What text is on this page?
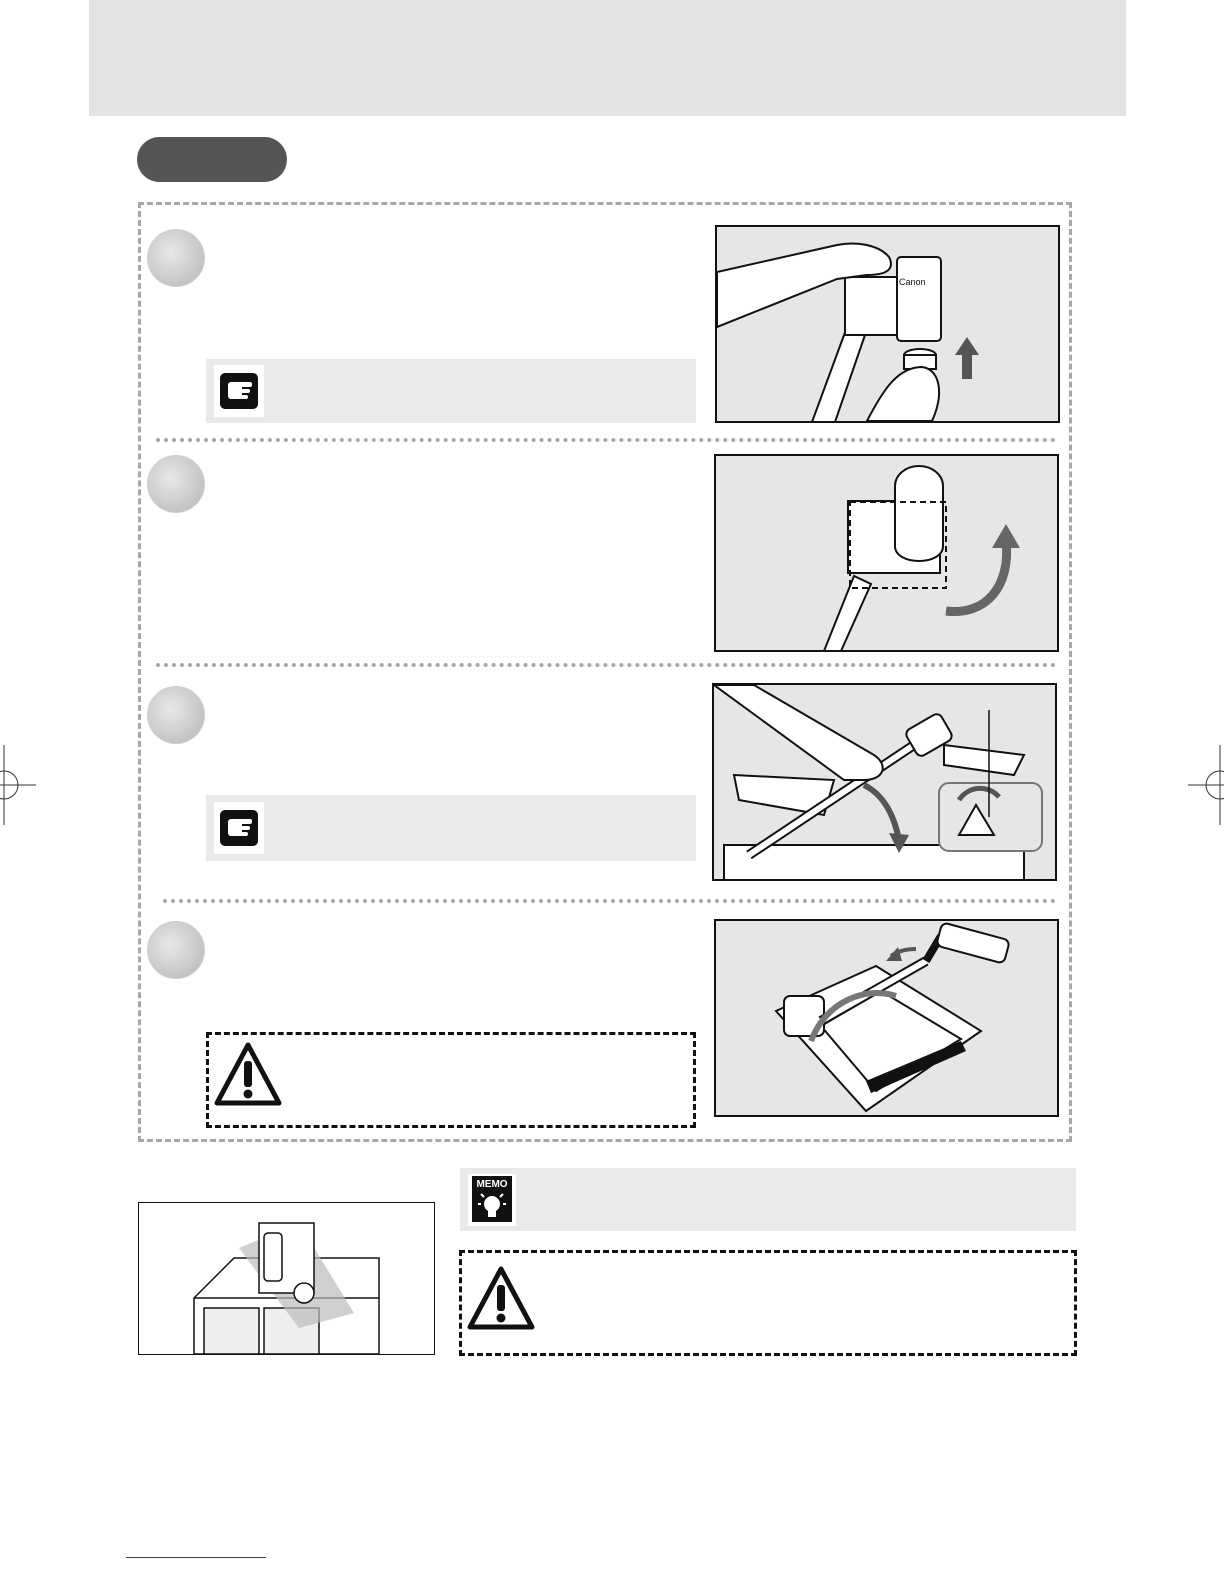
Canon
MEMO
